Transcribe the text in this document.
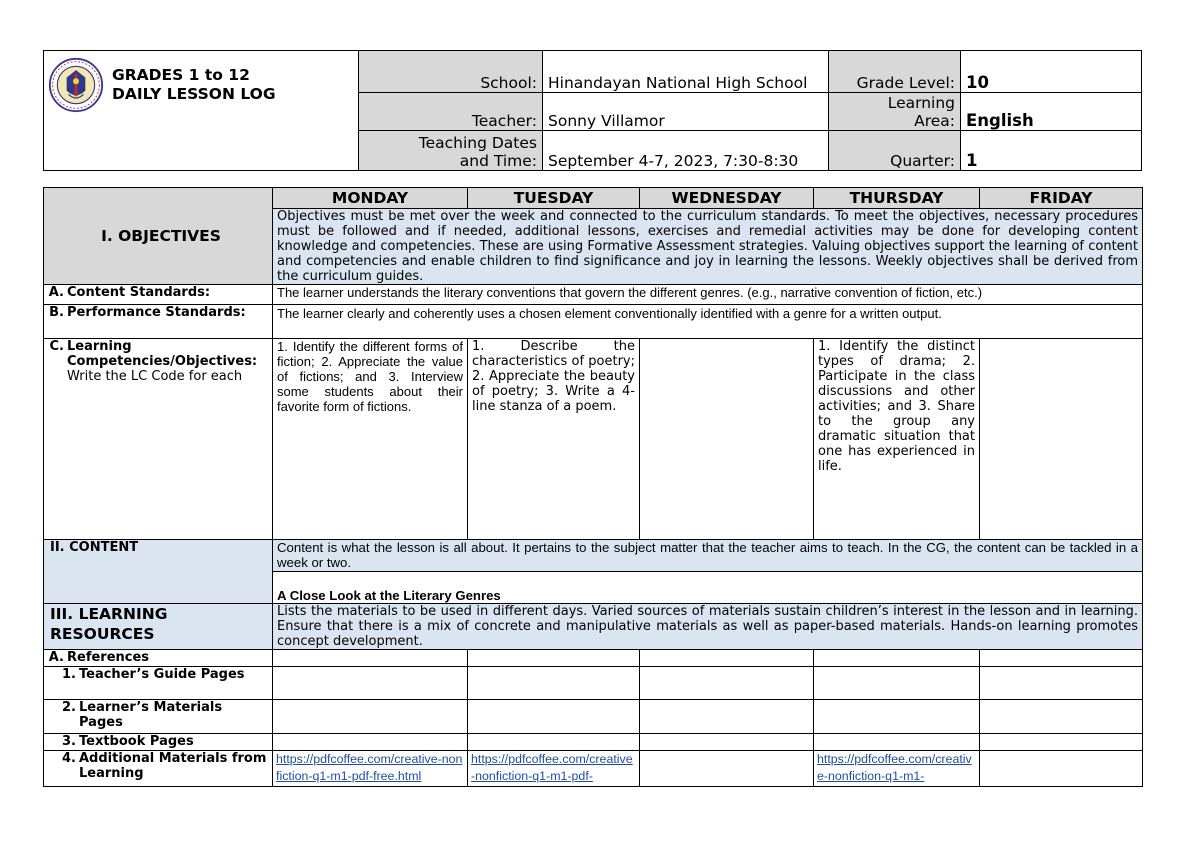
GRADES 1 to 12
DAILY LESSON LOG	School:	Hinandayan National High School	Grade Level:	10
	Teacher:	Sonny Villamor	Learning Area:	English
	Teaching Dates and Time:	September 4-7, 2023, 7:30-8:30	Quarter:	1
I. OBJECTIVES	MONDAY	TUESDAY	WEDNESDAY	THURSDAY	FRIDAY
	Objectives must be met over the week and connected to the curriculum standards. To meet the objectives, necessary procedures must be followed and if needed, additional lessons, exercises and remedial activities may be done for developing content knowledge and competencies. These are using Formative Assessment strategies. Valuing objectives support the learning of content and competencies and enable children to find significance and joy in learning the lessons. Weekly objectives shall be derived from the curriculum guides.				

A. Content Standards:	The learner understands the literary conventions that govern the different genres. (e.g., narrative convention of fiction, etc.)				

B. Performance Standards:	The learner clearly and coherently uses a chosen element conventionally identified with a genre for a written output.				

C. Learning Competencies/Objectives:
Write the LC Code for each	1. Identify the different forms of fiction; 2. Appreciate the value of fictions; and 3. Interview some students about their favorite form of fictions.	1. Describe the characteristics of poetry; 2. Appreciate the beauty of poetry; 3. Write a 4-line stanza of a poem.		1. Identify the distinct types of drama; 2. Participate in the class discussions and other activities; and 3. Share to the group any dramatic situation that one has experienced in life.	

II. CONTENT	Content is what the lesson is all about. It pertains to the subject matter that the teacher aims to teach. In the CG, the content can be tackled in a week or two.				
	A Close Look at the Literary Genres				
III. LEARNING RESOURCES	Lists the materials to be used in different days. Varied sources of materials sustain children’s interest in the lesson and in learning. Ensure that there is a mix of concrete and manipulative materials as well as paper-based materials. Hands-on learning promotes concept development.				

A. References					

1. Teacher’s Guide Pages					

2. Learner’s Materials Pages					

3. Textbook Pages					

4. Additional Materials from Learning	https://pdfcoffee.com/creative-nonfiction-q1-m1-pdf-free.html	https://pdfcoffee.com/creative-nonfiction-q1-m1-pdf-		https://pdfcoffee.com/creative-nonfiction-q1-m1-	
